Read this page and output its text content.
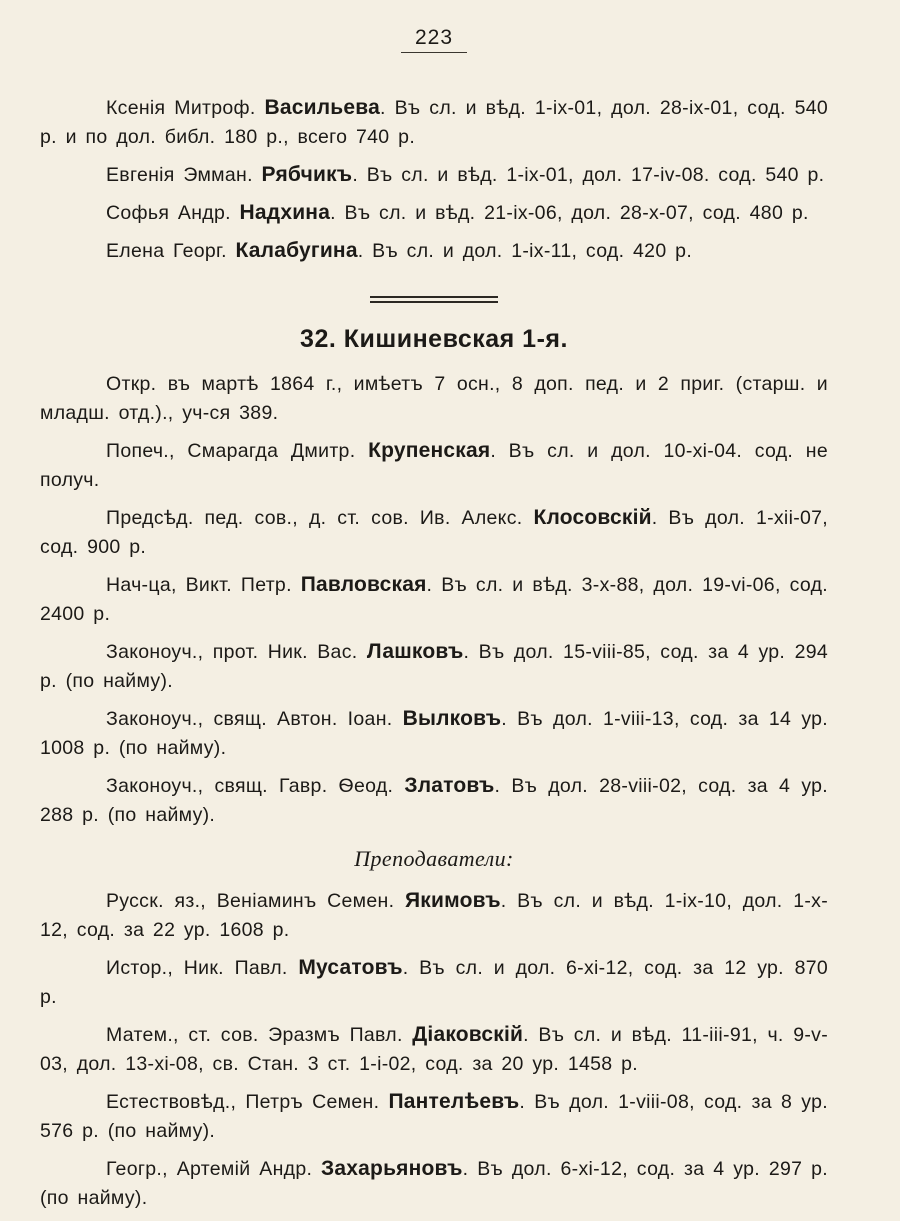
223

Ксенія Митроф. Васильева. Въ сл. и вѣд. 1-ix-01, дол. 28-ix-01, сод. 540 р. и по дол. библ. 180 р., всего 740 р.

Евгенія Эмман. Рябчикъ. Въ сл. и вѣд. 1-ix-01, дол. 17-iv-08. сод. 540 р.

Софья Андр. Надхина. Въ сл. и вѣд. 21-ix-06, дол. 28-x-07, сод. 480 р.

Елена Георг. Калабугина. Въ сл. и дол. 1-ix-11, сод. 420 р.

32. Кишиневская 1-я.

Откр. въ мартѣ 1864 г., имѣетъ 7 осн., 8 доп. пед. и 2 приг. (старш. и младш. отд.)., уч-ся 389.

Попеч., Смарагда Дмитр. Крупенская. Въ сл. и дол. 10-xi-04. сод. не получ.

Предсѣд. пед. сов., д. ст. сов. Ив. Алекс. Клосовскій. Въ дол. 1-xii-07, сод. 900 р.

Нач-ца, Викт. Петр. Павловская. Въ сл. и вѣд. 3-x-88, дол. 19-vi-06, сод. 2400 р.

Законоуч., прот. Ник. Вас. Лашковъ. Въ дол. 15-viii-85, сод. за 4 ур. 294 р. (по найму).

Законоуч., свящ. Автон. Іоан. Вылковъ. Въ дол. 1-viii-13, сод. за 14 ур. 1008 р. (по найму).

Законоуч., свящ. Гавр. Ѳеод. Златовъ. Въ дол. 28-viii-02, сод. за 4 ур. 288 р. (по найму).

Преподаватели:

Русск. яз., Веніаминъ Семен. Якимовъ. Въ сл. и вѣд. 1-ix-10, дол. 1-x-12, сод. за 22 ур. 1608 р.

Истор., Ник. Павл. Мусатовъ. Въ сл. и дол. 6-xi-12, сод. за 12 ур. 870 р.

Матем., ст. сов. Эразмъ Павл. Діаковскій. Въ сл. и вѣд. 11-iii-91, ч. 9-v-03, дол. 13-xi-08, св. Стан. 3 ст. 1-i-02, сод. за 20 ур. 1458 р.

Естествовѣд., Петръ Семен. Пантелѣевъ. Въ дол. 1-viii-08, сод. за 8 ур. 576 р. (по найму).

Геогр., Артемій Андр. Захарьяновъ. Въ дол. 6-xi-12, сод. за 4 ур. 297 р. (по найму).
